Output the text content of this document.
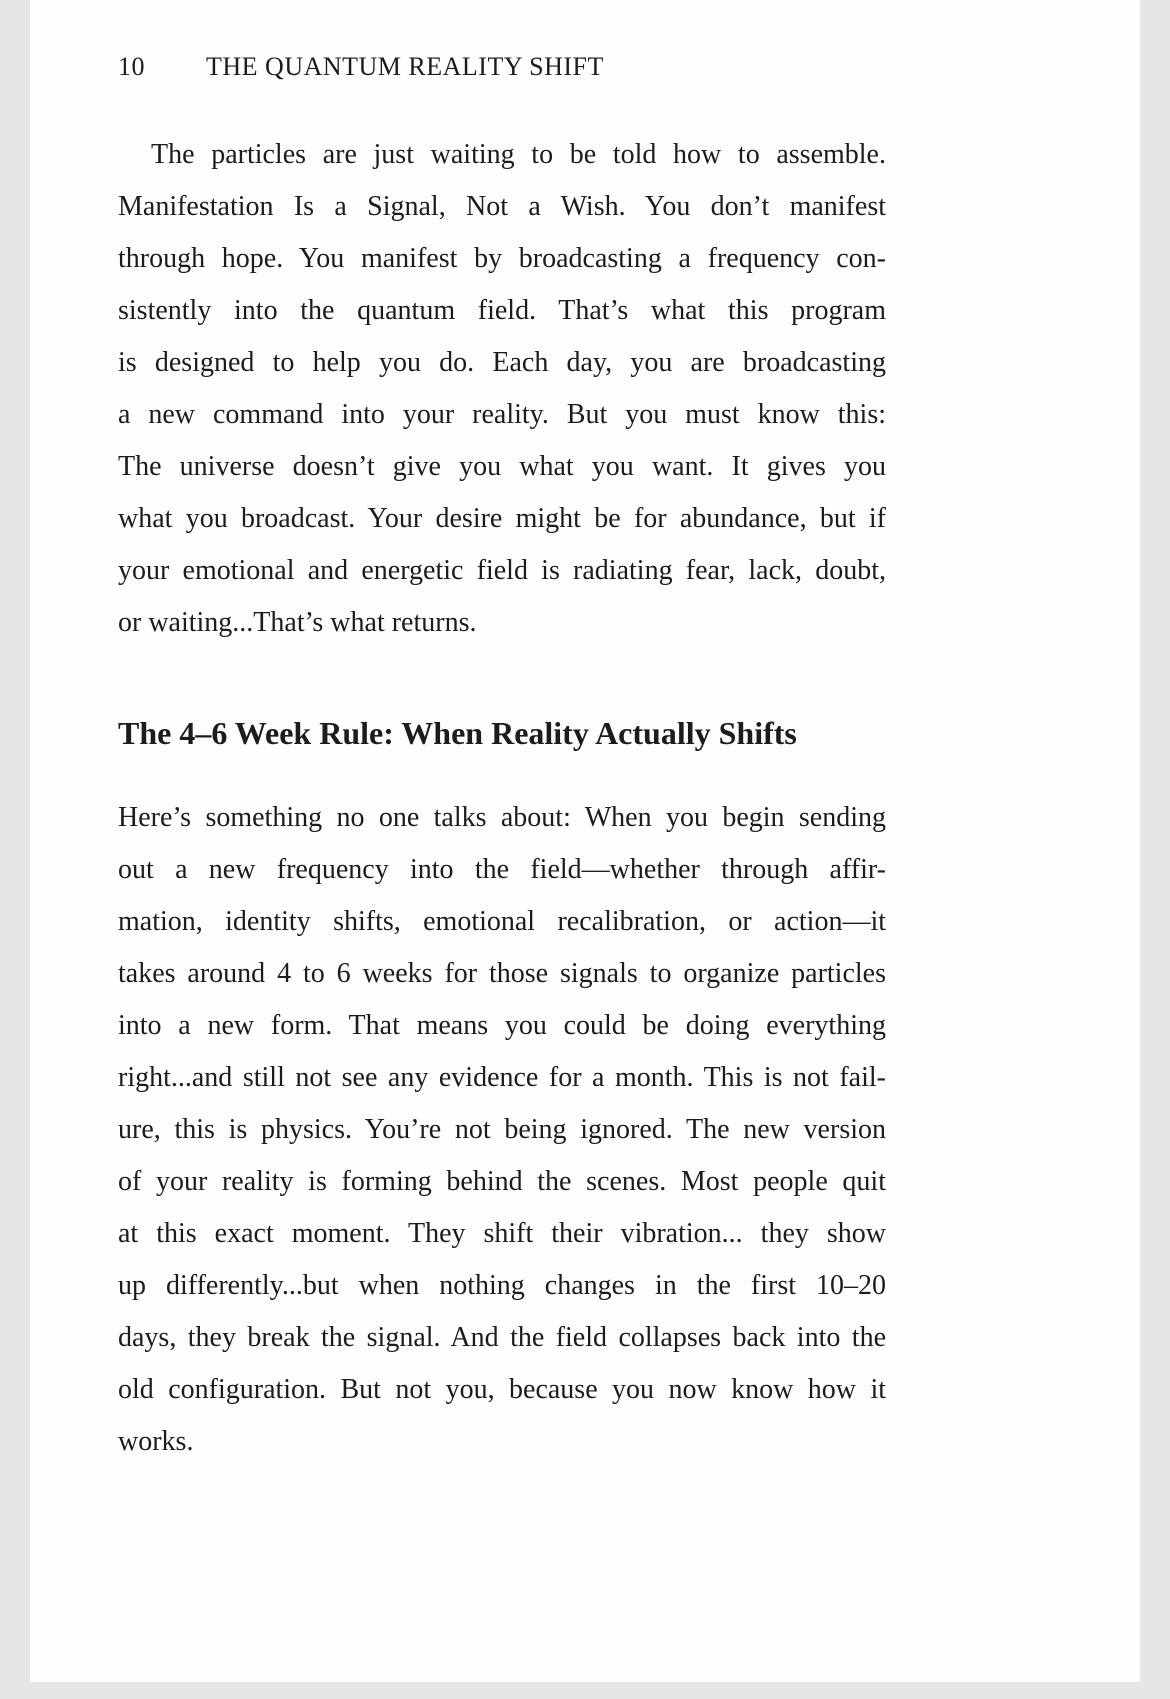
10 THE QUANTUM REALITY SHIFT
The particles are just waiting to be told how to assemble.
Manifestation Is a Signal, Not a Wish. You don’t manifest
through hope. You manifest by broadcasting a frequency con-
sistently into the quantum field. That’s what this program
is designed to help you do. Each day, you are broadcasting
a new command into your reality. But you must know this:
The universe doesn’t give you what you want. It gives you
what you broadcast. Your desire might be for abundance, but if
your emotional and energetic field is radiating fear, lack, doubt,
or waiting...That’s what returns.
The 4–6 Week Rule: When Reality Actually Shifts
Here’s something no one talks about: When you begin sending
out a new frequency into the field—whether through affir-
mation, identity shifts, emotional recalibration, or action—it
takes around 4 to 6 weeks for those signals to organize particles
into a new form. That means you could be doing everything
right...and still not see any evidence for a month. This is not fail-
ure, this is physics. You’re not being ignored. The new version
of your reality is forming behind the scenes. Most people quit
at this exact moment. They shift their vibration... they show
up differently...but when nothing changes in the first 10–20
days, they break the signal. And the field collapses back into the
old configuration. But not you, because you now know how it
works.
